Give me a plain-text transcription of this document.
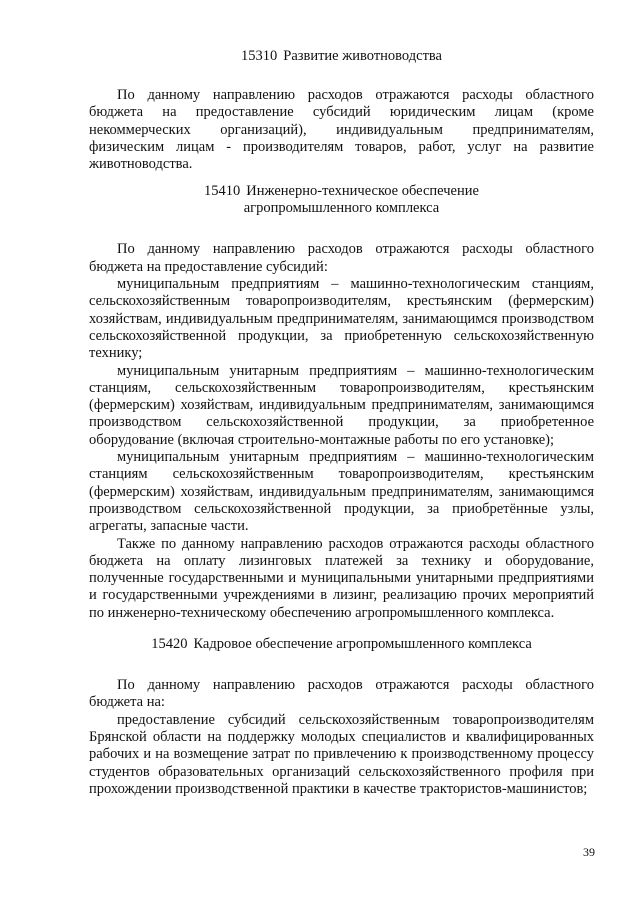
15310 Развитие животноводства

По данному направлению расходов отражаются расходы областного бюджета на предоставление субсидий юридическим лицам (кроме некоммерческих организаций), индивидуальным предпринимателям, физическим лицам - производителям товаров, работ, услуг на развитие животноводства.

15410 Инженерно-техническое обеспечение
агропромышленного комплекса

По данному направлению расходов отражаются расходы областного бюджета на предоставление субсидий:

муниципальным предприятиям – машинно-технологическим станциям, сельскохозяйственным товаропроизводителям, крестьянским (фермерским) хозяйствам, индивидуальным предпринимателям, занимающимся производством сельскохозяйственной продукции, за приобретенную сельскохозяйственную технику;

муниципальным унитарным предприятиям – машинно-технологическим станциям, сельскохозяйственным товаропроизводителям, крестьянским (фермерским) хозяйствам, индивидуальным предпринимателям, занимающимся производством сельскохозяйственной продукции, за приобретенное оборудование (включая строительно-монтажные работы по его установке);

муниципальным унитарным предприятиям – машинно-технологическим станциям сельскохозяйственным товаропроизводителям, крестьянским (фермерским) хозяйствам, индивидуальным предпринимателям, занимающимся производством сельскохозяйственной продукции, за приобретённые узлы, агрегаты, запасные части.

Также по данному направлению расходов отражаются расходы областного бюджета на оплату лизинговых платежей за технику и оборудование, полученные государственными и муниципальными унитарными предприятиями и государственными учреждениями в лизинг, реализацию прочих мероприятий по инженерно-техническому обеспечению агропромышленного комплекса.

15420 Кадровое обеспечение агропромышленного комплекса

По данному направлению расходов отражаются расходы областного бюджета на:

предоставление субсидий сельскохозяйственным товаропроизводителям Брянской области на поддержку молодых специалистов и квалифицированных рабочих и на возмещение затрат по привлечению к производственному процессу студентов образовательных организаций сельскохозяйственного профиля при прохождении производственной практики в качестве трактористов-машинистов;

39
